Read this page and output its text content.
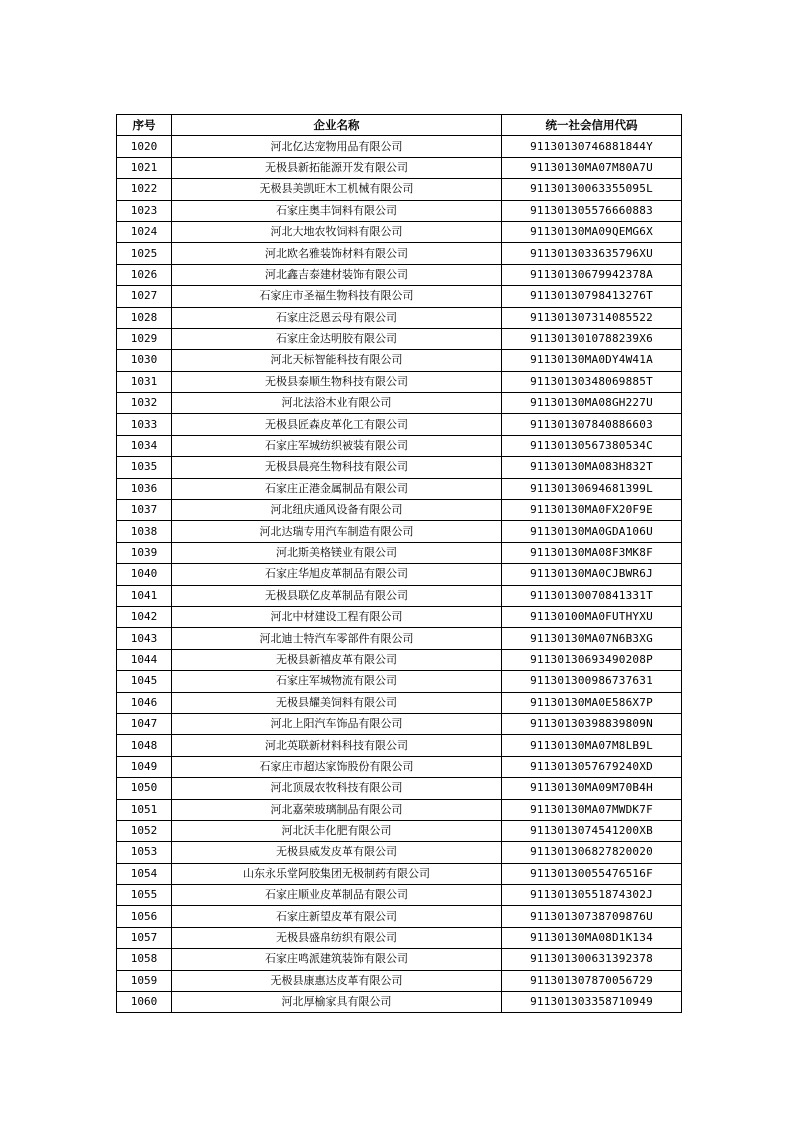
序号	企业名称	统一社会信用代码
1020	河北亿达宠物用品有限公司	91130130746881844Y
1021	无极县新拓能源开发有限公司	91130130MA07M80A7U
1022	无极县美凯旺木工机械有限公司	91130130063355095L
1023	石家庄奥丰饲料有限公司	911301305576660883
1024	河北大地农牧饲料有限公司	91130130MA09QEMG6X
1025	河北欧名雅装饰材料有限公司	9113013033635796XU
1026	河北鑫吉泰建材装饰有限公司	91130130679942378A
1027	石家庄市圣福生物科技有限公司	91130130798413276T
1028	石家庄泛恩云母有限公司	911301307314085522
1029	石家庄金达明胶有限公司	9113013010788239X6
1030	河北天标智能科技有限公司	91130130MA0DY4W41A
1031	无极县泰顺生物科技有限公司	91130130348069885T
1032	河北法浴木业有限公司	91130130MA08GH227U
1033	无极县匠森皮革化工有限公司	911301307840886603
1034	石家庄军城纺织被装有限公司	91130130567380534C
1035	无极县晨亮生物科技有限公司	91130130MA083H832T
1036	石家庄正港金属制品有限公司	91130130694681399L
1037	河北纽庆通风设备有限公司	91130130MA0FX20F9E
1038	河北达瑞专用汽车制造有限公司	91130130MA0GDA106U
1039	河北斯美格镁业有限公司	91130130MA08F3MK8F
1040	石家庄华旭皮革制品有限公司	91130130MA0CJBWR6J
1041	无极县联亿皮革制品有限公司	91130130070841331T
1042	河北中材建设工程有限公司	91130100MA0FUTHYXU
1043	河北迪士特汽车零部件有限公司	91130130MA07N6B3XG
1044	无极县新禧皮革有限公司	91130130693490208P
1045	石家庄军城物流有限公司	911301300986737631
1046	无极县耀美饲料有限公司	91130130MA0E586X7P
1047	河北上阳汽车饰品有限公司	91130130398839809N
1048	河北英联新材料科技有限公司	91130130MA07M8LB9L
1049	石家庄市超达家饰股份有限公司	9113013057679240XD
1050	河北顶晟农牧科技有限公司	91130130MA09M70B4H
1051	河北嘉荣玻璃制品有限公司	91130130MA07MWDK7F
1052	河北沃丰化肥有限公司	9113013074541200XB
1053	无极县威发皮革有限公司	911301306827820020
1054	山东永乐堂阿胶集团无极制药有限公司	91130130055476516F
1055	石家庄顺业皮革制品有限公司	91130130551874302J
1056	石家庄新望皮革有限公司	91130130738709876U
1057	无极县盛帛纺织有限公司	91130130MA08D1K134
1058	石家庄鸣派建筑装饰有限公司	911301300631392378
1059	无极县康惠达皮革有限公司	911301307870056729
1060	河北厚榆家具有限公司	911301303358710949
